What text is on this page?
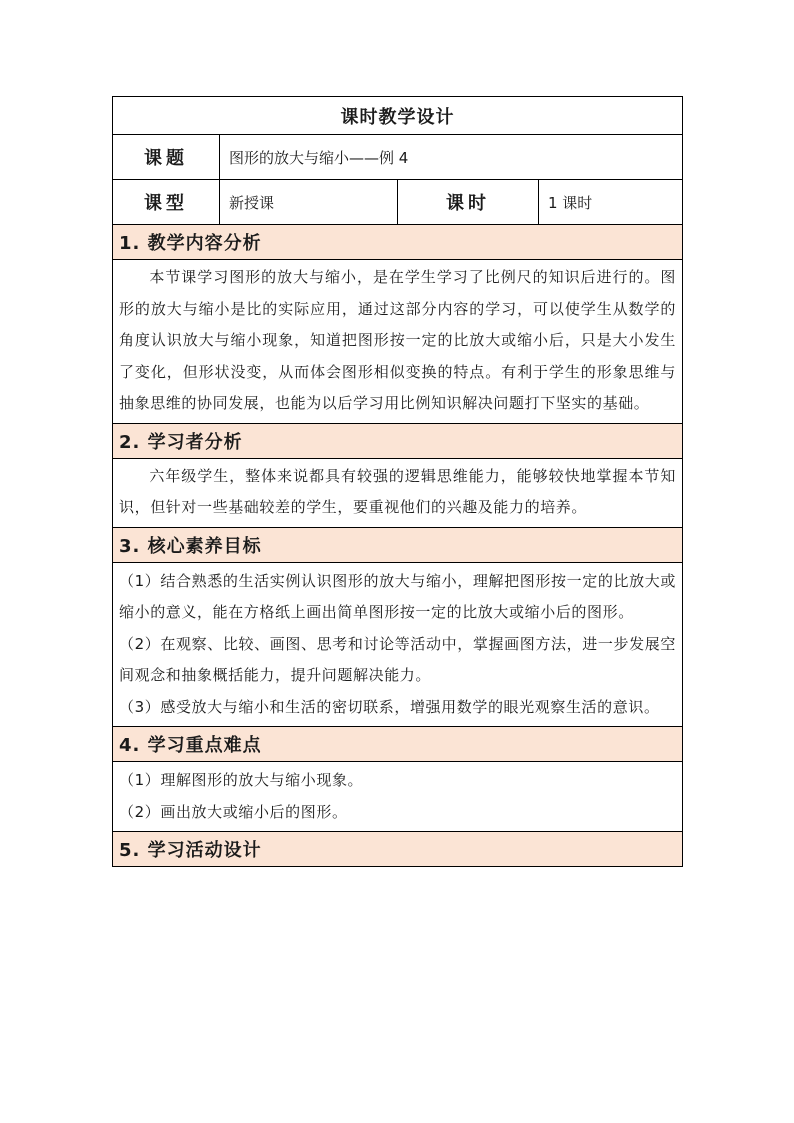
课时教学设计			
课题	图形的放大与缩小——例 4		
课型	新授课	课时	1 课时
1. 教学内容分析			
本节课学习图形的放大与缩小，是在学生学习了比例尺的知识后进行的。图形的放大与缩小是比的实际应用，通过这部分内容的学习，可以使学生从数学的角度认识放大与缩小现象，知道把图形按一定的比放大或缩小后，只是大小发生了变化，但形状没变，从而体会图形相似变换的特点。有利于学生的形象思维与抽象思维的协同发展，也能为以后学习用比例知识解决问题打下坚实的基础。			
2. 学习者分析			
六年级学生，整体来说都具有较强的逻辑思维能力，能够较快地掌握本节知识，但针对一些基础较差的学生，要重视他们的兴趣及能力的培养。			
3. 核心素养目标			

（1）结合熟悉的生活实例认识图形的放大与缩小，理解把图形按一定的比放大或缩小的意义，能在方格纸上画出简单图形按一定的比放大或缩小后的图形。
（2）在观察、比较、画图、思考和讨论等活动中，掌握画图方法，进一步发展空间观念和抽象概括能力，提升问题解决能力。
（3）感受放大与缩小和生活的密切联系，增强用数学的眼光观察生活的意识。			

4. 学习重点难点			

（1）理解图形的放大与缩小现象。
（2）画出放大或缩小后的图形。			

5. 学习活动设计			
